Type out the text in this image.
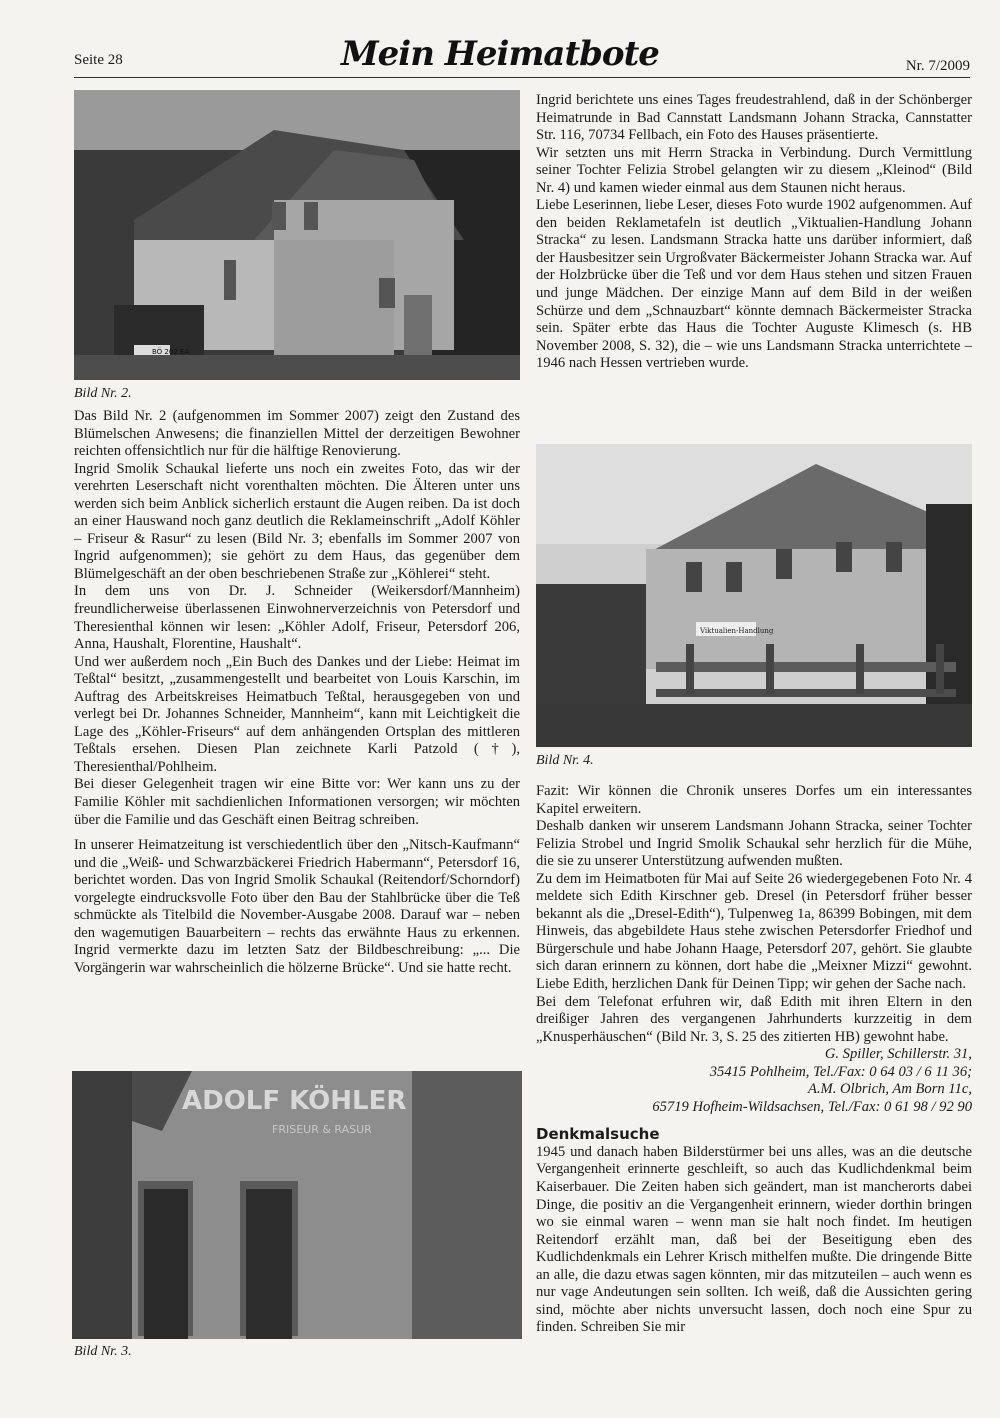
Seite 28	Mein Heimatbote	Nr. 7/2009
BÖ 202 EA
Bild Nr. 2.

Das Bild Nr. 2 (aufgenommen im Sommer 2007) zeigt den Zustand des Blümelschen Anwesens; die finanziellen Mittel der derzeitigen Bewohner reichten offensichtlich nur für die hälftige Renovierung.

Ingrid Smolik Schaukal lieferte uns noch ein zweites Foto, das wir der verehrten Leserschaft nicht vorenthalten möchten. Die Älteren unter uns werden sich beim Anblick sicherlich erstaunt die Augen reiben. Da ist doch an einer Hauswand noch ganz deutlich die Reklameinschrift „Adolf Köhler – Friseur & Rasur“ zu lesen (Bild Nr. 3; ebenfalls im Sommer 2007 von Ingrid aufgenommen); sie gehört zu dem Haus, das gegenüber dem Blümelgeschäft an der oben beschriebenen Straße zur „Köhlerei“ steht.

In dem uns von Dr. J. Schneider (Weikersdorf/Mannheim) freundlicherweise überlassenen Einwohnerverzeichnis von Petersdorf und Theresienthal können wir lesen: „Köhler Adolf, Friseur, Petersdorf 206, Anna, Haushalt, Florentine, Haushalt“.

Und wer außerdem noch „Ein Buch des Dankes und der Liebe: Heimat im Teßtal“ besitzt, „zusammengestellt und bearbeitet von Louis Karschin, im Auftrag des Arbeitskreises Heimatbuch Teßtal, herausgegeben von und verlegt bei Dr. Johannes Schneider, Mannheim“, kann mit Leichtigkeit die Lage des „Köhler-Friseurs“ auf dem anhängenden Ortsplan des mittleren Teßtals ersehen. Diesen Plan zeichnete Karli Patzold (†), Theresienthal/Pohlheim.

Bei dieser Gelegenheit tragen wir eine Bitte vor: Wer kann uns zu der Familie Köhler mit sachdienlichen Informationen versorgen; wir möchten über die Familie und das Geschäft einen Beitrag schreiben.

In unserer Heimatzeitung ist verschiedentlich über den „Nitsch-Kaufmann“ und die „Weiß- und Schwarzbäckerei Friedrich Habermann“, Petersdorf 16, berichtet worden. Das von Ingrid Smolik Schaukal (Reitendorf/Schorndorf) vorgelegte eindrucksvolle Foto über den Bau der Stahlbrücke über die Teß schmückte als Titelbild die November-Ausgabe 2008. Darauf war – neben den wagemutigen Bauarbeitern – rechts das erwähnte Haus zu erkennen. Ingrid vermerkte dazu im letzten Satz der Bildbeschreibung: „... Die Vorgängerin war wahrscheinlich die hölzerne Brücke“. Und sie hatte recht.

ADOLF KÖHLER
FRISEUR & RASUR
Bild Nr. 3.

Ingrid berichtete uns eines Tages freudestrahlend, daß in der Schönberger Heimatrunde in Bad Cannstatt Landsmann Johann Stracka, Cannstatter Str. 116, 70734 Fellbach, ein Foto des Hauses präsentierte.

Wir setzten uns mit Herrn Stracka in Verbindung. Durch Vermittlung seiner Tochter Felizia Strobel gelangten wir zu diesem „Kleinod“ (Bild Nr. 4) und kamen wieder einmal aus dem Staunen nicht heraus.

Liebe Leserinnen, liebe Leser, dieses Foto wurde 1902 aufgenommen. Auf den beiden Reklametafeln ist deutlich „Viktualien-Handlung Johann Stracka“ zu lesen. Landsmann Stracka hatte uns darüber informiert, daß der Hausbesitzer sein Urgroßvater Bäckermeister Johann Stracka war. Auf der Holzbrücke über die Teß und vor dem Haus stehen und sitzen Frauen und junge Mädchen. Der einzige Mann auf dem Bild in der weißen Schürze und dem „Schnauzbart“ könnte demnach Bäckermeister Stracka sein. Später erbte das Haus die Tochter Auguste Klimesch (s. HB November 2008, S. 32), die – wie uns Landsmann Stracka unterrichtete – 1946 nach Hessen vertrieben wurde.

Viktualien-Handlung
Bild Nr. 4.

Fazit: Wir können die Chronik unseres Dorfes um ein interessantes Kapitel erweitern.

Deshalb danken wir unserem Landsmann Johann Stracka, seiner Tochter Felizia Strobel und Ingrid Smolik Schaukal sehr herzlich für die Mühe, die sie zu unserer Unterstützung aufwenden mußten.

Zu dem im Heimatboten für Mai auf Seite 26 wiedergegebenen Foto Nr. 4 meldete sich Edith Kirschner geb. Dresel (in Petersdorf früher besser bekannt als die „Dresel-Edith“), Tulpenweg 1a, 86399 Bobingen, mit dem Hinweis, das abgebildete Haus stehe zwischen Petersdorfer Friedhof und Bürgerschule und habe Johann Haage, Petersdorf 207, gehört. Sie glaubte sich daran erinnern zu können, dort habe die „Meixner Mizzi“ gewohnt. Liebe Edith, herzlichen Dank für Deinen Tipp; wir gehen der Sache nach.

Bei dem Telefonat erfuhren wir, daß Edith mit ihren Eltern in den dreißiger Jahren des vergangenen Jahrhunderts kurzzeitig in dem „Knusperhäuschen“ (Bild Nr. 3, S. 25 des zitierten HB) gewohnt habe.

G. Spiller, Schillerstr. 31,
35415 Pohlheim, Tel./Fax: 0 64 03 / 6 11 36;
A.M. Olbrich, Am Born 11c,
65719 Hofheim-Wildsachsen, Tel./Fax: 0 61 98 / 92 90
Denkmalsuche

1945 und danach haben Bilderstürmer bei uns alles, was an die deutsche Vergangenheit erinnerte geschleift, so auch das Kudlichdenkmal beim Kaiserbauer. Die Zeiten haben sich geändert, man ist mancherorts dabei Dinge, die positiv an die Vergangenheit erinnern, wieder dorthin bringen wo sie einmal waren – wenn man sie halt noch findet. Im heutigen Reitendorf erzählt man, daß bei der Beseitigung eben des Kudlichdenkmals ein Lehrer Krisch mithelfen mußte. Die dringende Bitte an alle, die dazu etwas sagen könnten, mir das mitzuteilen – auch wenn es nur vage Andeutungen sein sollten. Ich weiß, daß die Aussichten gering sind, möchte aber nichts unversucht lassen, doch noch eine Spur zu finden. Schreiben Sie mir
